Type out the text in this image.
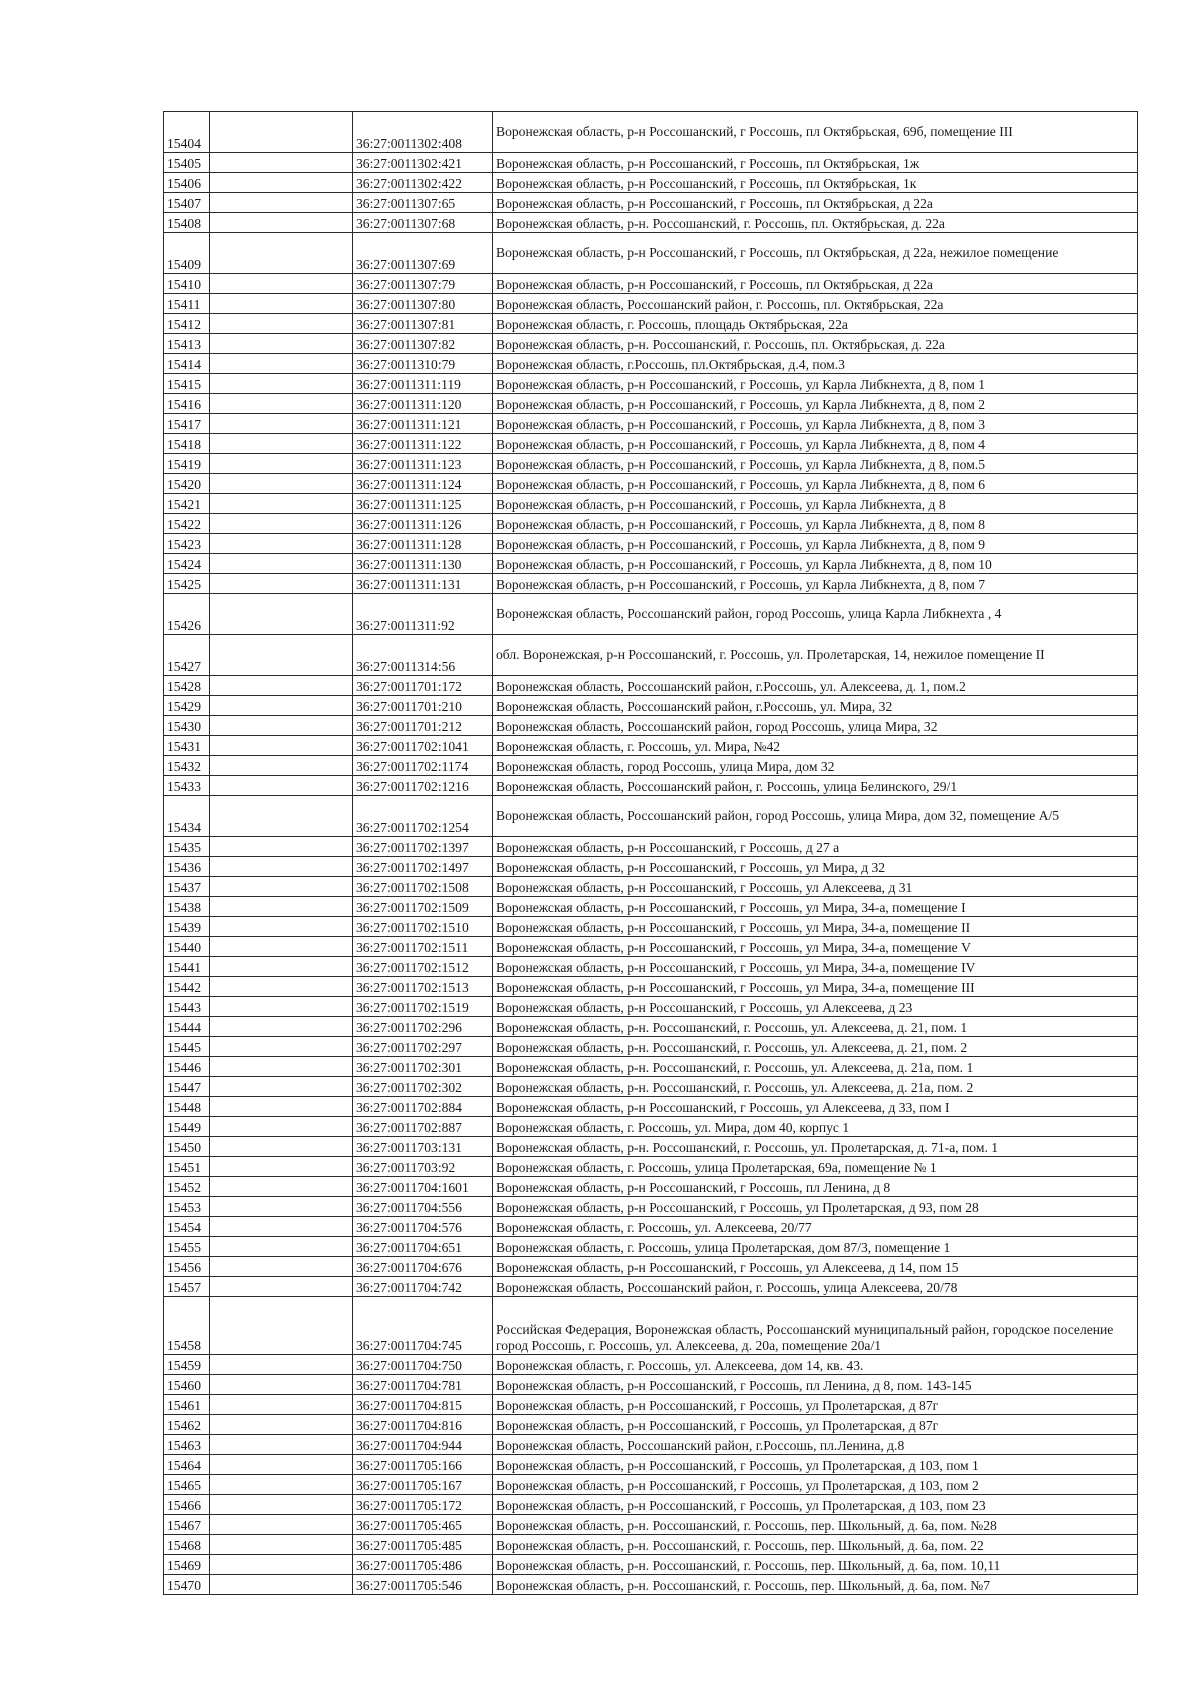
15404		36:27:0011302:408	Воронежская область, р-н Россошанский, г Россошь, пл Октябрьская, 69б, помещение III
15405		36:27:0011302:421	Воронежская область, р-н Россошанский, г Россошь, пл Октябрьская, 1ж
15406		36:27:0011302:422	Воронежская область, р-н Россошанский, г Россошь, пл Октябрьская, 1к
15407		36:27:0011307:65	Воронежская область, р-н Россошанский, г Россошь, пл Октябрьская, д 22а
15408		36:27:0011307:68	Воронежская область, р-н. Россошанский, г. Россошь, пл. Октябрьская, д. 22а
15409		36:27:0011307:69	Воронежская область, р-н Россошанский, г Россошь, пл Октябрьская, д 22а, нежилое помещение
15410		36:27:0011307:79	Воронежская область, р-н Россошанский, г Россошь, пл Октябрьская, д 22а
15411		36:27:0011307:80	Воронежская область, Россошанский район, г. Россошь, пл. Октябрьская, 22а
15412		36:27:0011307:81	Воронежская область, г. Россошь, площадь Октябрьская, 22а
15413		36:27:0011307:82	Воронежская область, р-н. Россошанский, г. Россошь, пл. Октябрьская, д. 22а
15414		36:27:0011310:79	Воронежская область, г.Россошь, пл.Октябрьская, д.4, пом.3
15415		36:27:0011311:119	Воронежская область, р-н Россошанский, г Россошь, ул Карла Либкнехта, д 8, пом 1
15416		36:27:0011311:120	Воронежская область, р-н Россошанский, г Россошь, ул Карла Либкнехта, д 8, пом 2
15417		36:27:0011311:121	Воронежская область, р-н Россошанский, г Россошь, ул Карла Либкнехта, д 8, пом 3
15418		36:27:0011311:122	Воронежская область, р-н Россошанский, г Россошь, ул Карла Либкнехта, д 8, пом 4
15419		36:27:0011311:123	Воронежская область, р-н Россошанский, г Россошь, ул Карла Либкнехта, д 8, пом.5
15420		36:27:0011311:124	Воронежская область, р-н Россошанский, г Россошь, ул Карла Либкнехта, д 8, пом 6
15421		36:27:0011311:125	Воронежская область, р-н Россошанский, г Россошь, ул Карла Либкнехта, д 8
15422		36:27:0011311:126	Воронежская область, р-н Россошанский, г Россошь, ул Карла Либкнехта, д 8, пом 8
15423		36:27:0011311:128	Воронежская область, р-н Россошанский, г Россошь, ул Карла Либкнехта, д 8, пом 9
15424		36:27:0011311:130	Воронежская область, р-н Россошанский, г Россошь, ул Карла Либкнехта, д 8, пом 10
15425		36:27:0011311:131	Воронежская область, р-н Россошанский, г Россошь, ул Карла Либкнехта, д 8, пом 7
15426		36:27:0011311:92	Воронежская область, Россошанский район, город Россошь, улица Карла Либкнехта , 4
15427		36:27:0011314:56	обл. Воронежская, р-н Россошанский, г. Россошь, ул. Пролетарская, 14, нежилое помещение II
15428		36:27:0011701:172	Воронежская область, Россошанский район, г.Россошь, ул. Алексеева, д. 1, пом.2
15429		36:27:0011701:210	Воронежская область, Россошанский район, г.Россошь, ул. Мира, 32
15430		36:27:0011701:212	Воронежская область, Россошанский район, город Россошь, улица Мира, 32
15431		36:27:0011702:1041	Воронежская область, г. Россошь, ул. Мира, №42
15432		36:27:0011702:1174	Воронежская область, город Россошь, улица Мира, дом 32
15433		36:27:0011702:1216	Воронежская область, Россошанский район, г. Россошь, улица Белинского, 29/1
15434		36:27:0011702:1254	Воронежская область, Россошанский район, город Россошь, улица Мира, дом 32, помещение А/5
15435		36:27:0011702:1397	Воронежская область, р-н Россошанский, г Россошь, д 27 а
15436		36:27:0011702:1497	Воронежская область, р-н Россошанский, г Россошь, ул Мира, д 32
15437		36:27:0011702:1508	Воронежская область, р-н Россошанский, г Россошь, ул Алексеева, д 31
15438		36:27:0011702:1509	Воронежская область, р-н Россошанский, г Россошь, ул Мира, 34-а, помещение I
15439		36:27:0011702:1510	Воронежская область, р-н Россошанский, г Россошь, ул Мира, 34-а, помещение II
15440		36:27:0011702:1511	Воронежская область, р-н Россошанский, г Россошь, ул Мира, 34-а, помещение V
15441		36:27:0011702:1512	Воронежская область, р-н Россошанский, г Россошь, ул Мира, 34-а, помещение IV
15442		36:27:0011702:1513	Воронежская область, р-н Россошанский, г Россошь, ул Мира, 34-а, помещение III
15443		36:27:0011702:1519	Воронежская область, р-н Россошанский, г Россошь, ул Алексеева, д 23
15444		36:27:0011702:296	Воронежская область, р-н. Россошанский, г. Россошь, ул. Алексеева, д. 21, пом. 1
15445		36:27:0011702:297	Воронежская область, р-н. Россошанский, г. Россошь, ул. Алексеева, д. 21, пом. 2
15446		36:27:0011702:301	Воронежская область, р-н. Россошанский, г. Россошь, ул. Алексеева, д. 21а, пом. 1
15447		36:27:0011702:302	Воронежская область, р-н. Россошанский, г. Россошь, ул. Алексеева, д. 21а, пом. 2
15448		36:27:0011702:884	Воронежская область, р-н Россошанский, г Россошь, ул Алексеева, д 33, пом I
15449		36:27:0011702:887	Воронежская область, г. Россошь, ул. Мира, дом 40, корпус 1
15450		36:27:0011703:131	Воронежская область, р-н. Россошанский, г. Россошь, ул. Пролетарская, д. 71-а, пом. 1
15451		36:27:0011703:92	Воронежская область, г. Россошь, улица Пролетарская, 69а, помещение № 1
15452		36:27:0011704:1601	Воронежская область, р-н Россошанский, г Россошь, пл Ленина, д 8
15453		36:27:0011704:556	Воронежская область, р-н Россошанский, г Россошь, ул Пролетарская, д 93, пом 28
15454		36:27:0011704:576	Воронежская область, г. Россошь, ул. Алексеева, 20/77
15455		36:27:0011704:651	Воронежская область, г. Россошь, улица Пролетарская, дом 87/3, помещение 1
15456		36:27:0011704:676	Воронежская область, р-н Россошанский, г Россошь, ул Алексеева, д 14, пом 15
15457		36:27:0011704:742	Воронежская область, Россошанский район, г. Россошь, улица Алексеева, 20/78
15458		36:27:0011704:745	Российская Федерация, Воронежская область, Россошанский муниципальный район, городское поселение город Россошь, г. Россошь, ул. Алексеева, д. 20а, помещение 20а/1
15459		36:27:0011704:750	Воронежская область, г. Россошь, ул. Алексеева, дом 14, кв. 43.
15460		36:27:0011704:781	Воронежская область, р-н Россошанский, г Россошь, пл Ленина, д 8, пом. 143-145
15461		36:27:0011704:815	Воронежская область, р-н Россошанский, г Россошь, ул Пролетарская, д 87г
15462		36:27:0011704:816	Воронежская область, р-н Россошанский, г Россошь, ул Пролетарская, д 87г
15463		36:27:0011704:944	Воронежская область, Россошанский район, г.Россошь, пл.Ленина, д.8
15464		36:27:0011705:166	Воронежская область, р-н Россошанский, г Россошь, ул Пролетарская, д 103, пом 1
15465		36:27:0011705:167	Воронежская область, р-н Россошанский, г Россошь, ул Пролетарская, д 103, пом 2
15466		36:27:0011705:172	Воронежская область, р-н Россошанский, г Россошь, ул Пролетарская, д 103, пом 23
15467		36:27:0011705:465	Воронежская область, р-н. Россошанский, г. Россошь, пер. Школьный, д. 6а, пом. №28
15468		36:27:0011705:485	Воронежская область, р-н. Россошанский, г. Россошь, пер. Школьный, д. 6а, пом. 22
15469		36:27:0011705:486	Воронежская область, р-н. Россошанский, г. Россошь, пер. Школьный, д. 6а, пом. 10,11
15470		36:27:0011705:546	Воронежская область, р-н. Россошанский, г. Россошь, пер. Школьный, д. 6а, пом. №7
